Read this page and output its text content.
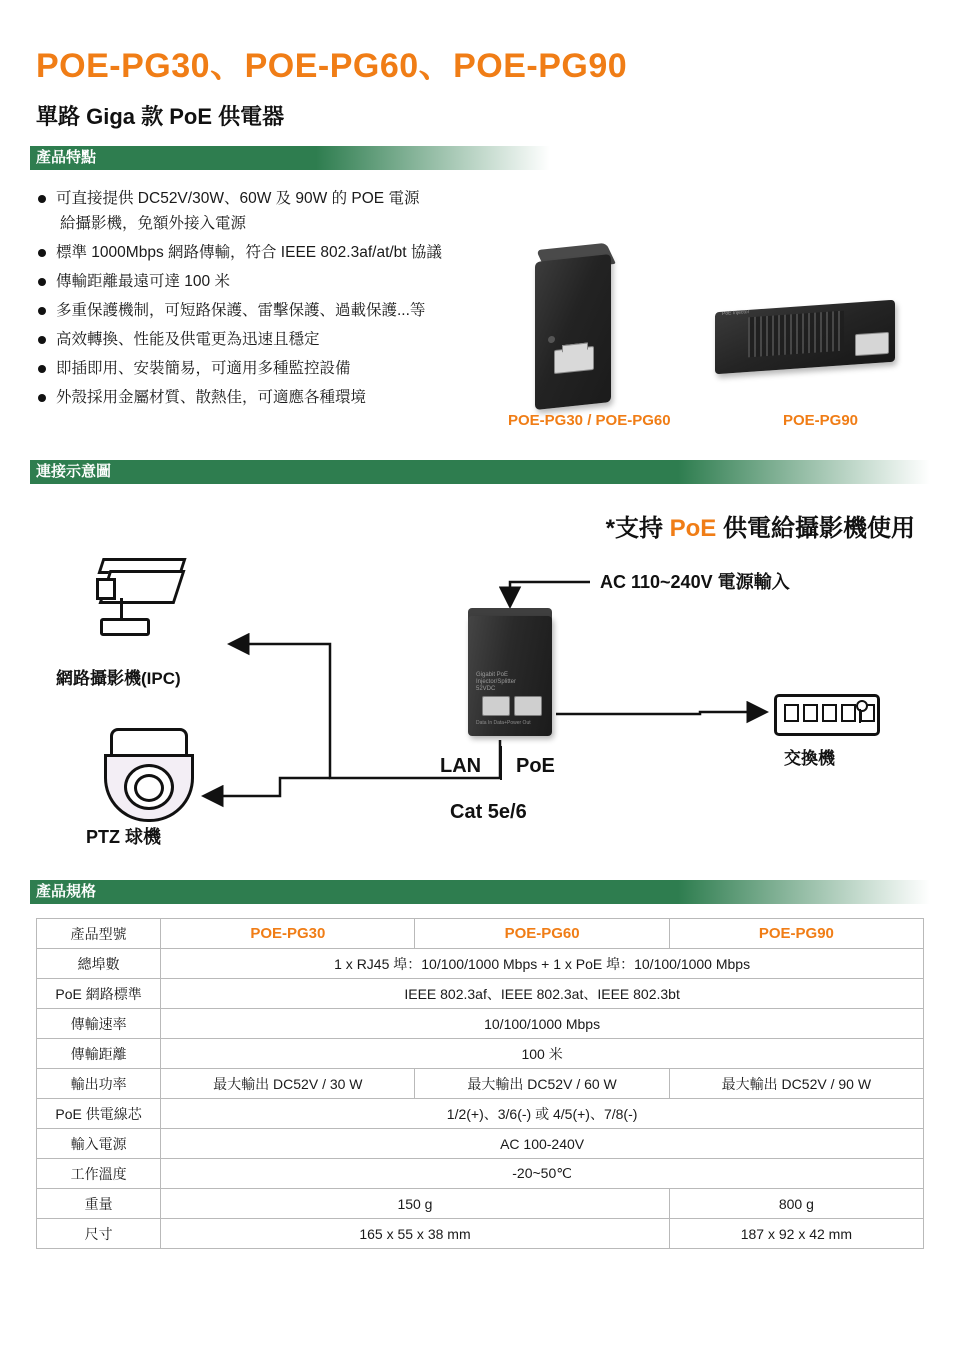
POE-PG30、POE-PG60、POE-PG90
單路 Giga 款 PoE 供電器
產品特點
可直接提供 DC52V/30W、60W 及 90W 的 POE 電源
給攝影機，免額外接入電源
標準 1000Mbps 網路傳輸，符合 IEEE 802.3af/at/bt 協議
傳輸距離最遠可達 100 米
多重保護機制，可短路保護、雷擊保護、過載保護...等
高效轉換、性能及供電更為迅速且穩定
即插即用、安裝簡易，可適用多種監控設備
外殼採用金屬材質、散熱佳，可適應各種環境
PoE Injector
POE-PG30 / POE-PG60	POE-PG90
連接示意圖
*支持 PoE 供電給攝影機使用
Gigabit PoE
Injector/Splitter
52VDC
Data In Data+Power Out
網路攝影機(IPC)
PTZ 球機
AC 110~240V 電源輸入
交換機
LAN PoE
Cat 5e/6
產品規格
產品型號	POE-PG30	POE-PG60	POE-PG90
總埠數	1 x RJ45 埠：10/100/1000 Mbps + 1 x PoE 埠：10/100/1000 Mbps		
PoE 網路標準	IEEE 802.3af、IEEE 802.3at、IEEE 802.3bt		
傳輸速率	10/100/1000 Mbps		
傳輸距離	100 米		
輸出功率	最大輸出 DC52V / 30 W	最大輸出 DC52V / 60 W	最大輸出 DC52V / 90 W
PoE 供電線芯	1/2(+)、3/6(-) 或 4/5(+)、7/8(-)		
輸入電源	AC 100-240V		
工作溫度	-20~50℃		
重量	150 g		800 g
尺寸	165 x 55 x 38 mm		187 x 92 x 42 mm
